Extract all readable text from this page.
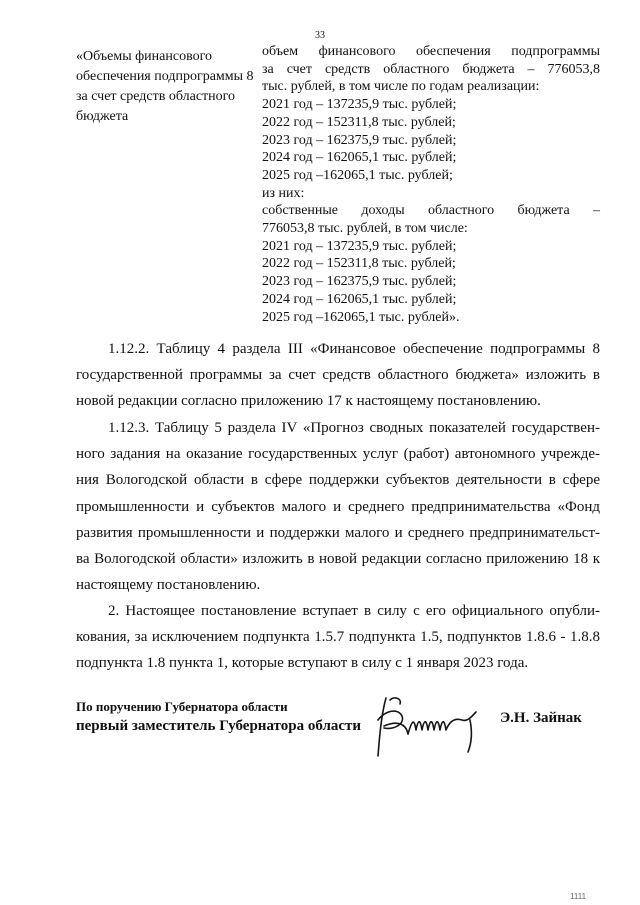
33
«Объемы финансового обеспечения подпрограммы 8 за счет средств областного бюджета
объем финансового обеспечения подпрограммы
за счет средств областного бюджета – 776053,8
тыс. рублей, в том числе по годам реализации:
2021 год – 137235,9 тыс. рублей;
2022 год – 152311,8 тыс. рублей;
2023 год – 162375,9 тыс. рублей;
2024 год – 162065,1 тыс. рублей;
2025 год –162065,1 тыс. рублей;
из них:
собственные доходы областного бюджета –
776053,8 тыс. рублей, в том числе:
2021 год – 137235,9 тыс. рублей;
2022 год – 152311,8 тыс. рублей;
2023 год – 162375,9 тыс. рублей;
2024 год – 162065,1 тыс. рублей;
2025 год –162065,1 тыс. рублей».
1.12.2. Таблицу 4 раздела III «Финансовое обеспечение подпрограммы 8 государственной программы за счет средств областного бюджета» изложить в новой редакции согласно приложению 17 к настоящему постановлению.
1.12.3. Таблицу 5 раздела IV «Прогноз сводных показателей государствен-ного задания на оказание государственных услуг (работ) автономного учрежде-ния Вологодской области в сфере поддержки субъектов деятельности в сфере промышленности и субъектов малого и среднего предпринимательства «Фонд развития промышленности и поддержки малого и среднего предпринимательст-ва Вологодской области» изложить в новой редакции согласно приложению 18 к настоящему постановлению.
2. Настоящее постановление вступает в силу с его официального опубли-кования, за исключением подпункта 1.5.7 подпункта 1.5, подпунктов 1.8.6 - 1.8.8 подпункта 1.8 пункта 1, которые вступают в силу с 1 января 2023 года.
По поручению Губернатора области
первый заместитель Губернатора области	Э.Н. Зайнак
1111
